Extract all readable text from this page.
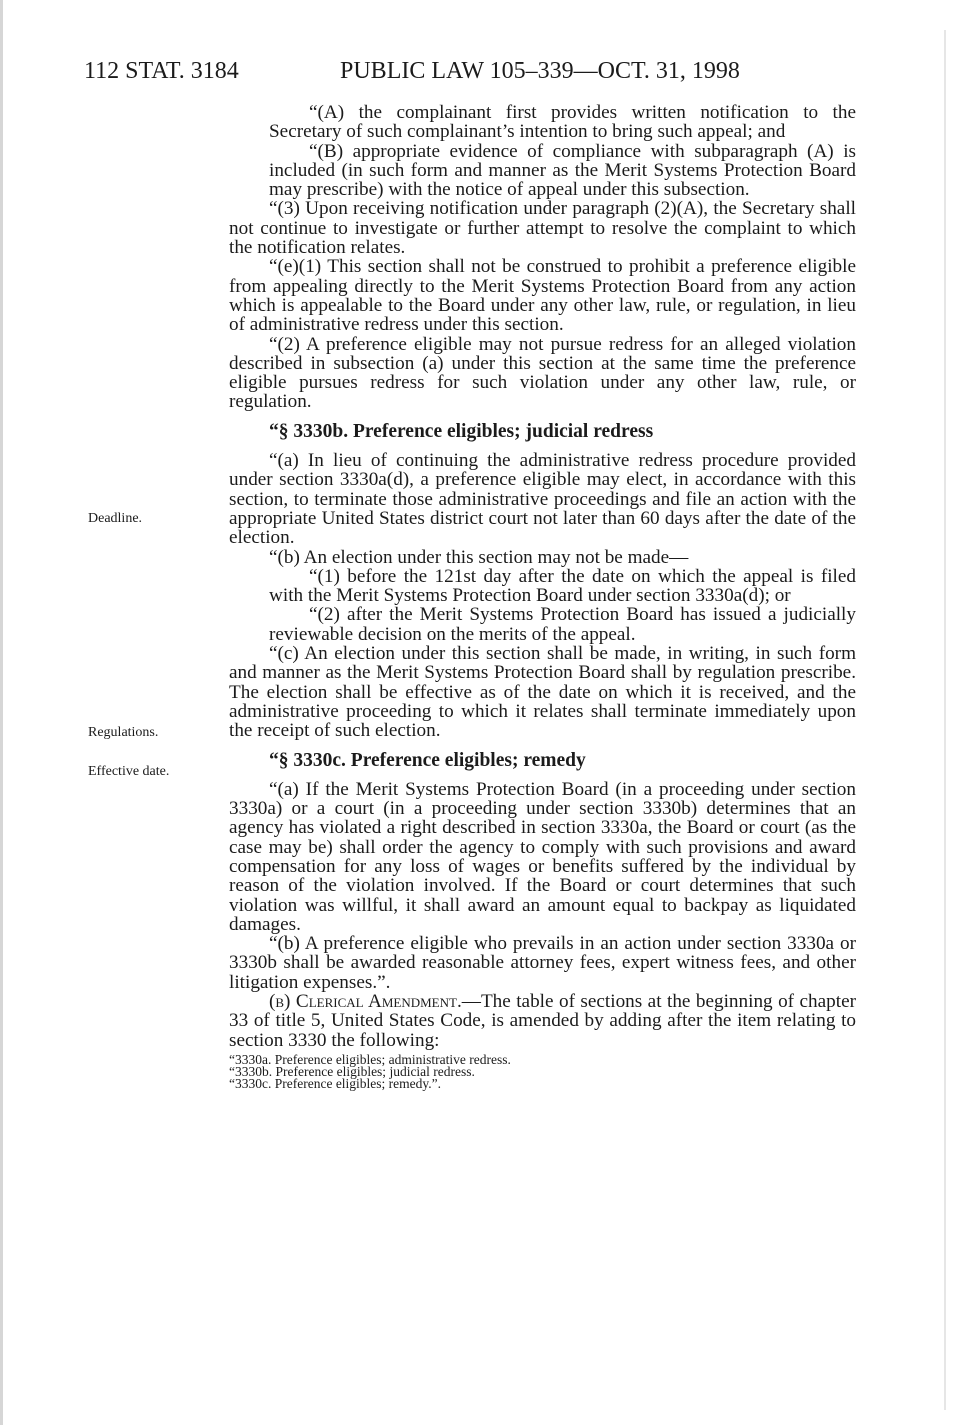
112 STAT. 3184	PUBLIC LAW 105–339—OCT. 31, 1998
Deadline.
Regulations.
Effective date.

“(A) the complainant first provides written notification to the Secretary of such complainant’s intention to bring such appeal; and

“(B) appropriate evidence of compliance with subparagraph (A) is included (in such form and manner as the Merit Systems Protection Board may prescribe) with the notice of appeal under this subsection.

“(3) Upon receiving notification under paragraph (2)(A), the Secretary shall not continue to investigate or further attempt to resolve the complaint to which the notification relates.

“(e)(1) This section shall not be construed to prohibit a preference eligible from appealing directly to the Merit Systems Protection Board from any action which is appealable to the Board under any other law, rule, or regulation, in lieu of administrative redress under this section.

“(2) A preference eligible may not pursue redress for an alleged violation described in subsection (a) under this section at the same time the preference eligible pursues redress for such violation under any other law, rule, or regulation.

“§ 3330b. Preference eligibles; judicial redress

“(a) In lieu of continuing the administrative redress procedure provided under section 3330a(d), a preference eligible may elect, in accordance with this section, to terminate those administrative proceedings and file an action with the appropriate United States district court not later than 60 days after the date of the election.

“(b) An election under this section may not be made—

“(1) before the 121st day after the date on which the appeal is filed with the Merit Systems Protection Board under section 3330a(d); or

“(2) after the Merit Systems Protection Board has issued a judicially reviewable decision on the merits of the appeal.

“(c) An election under this section shall be made, in writing, in such form and manner as the Merit Systems Protection Board shall by regulation prescribe. The election shall be effective as of the date on which it is received, and the administrative proceeding to which it relates shall terminate immediately upon the receipt of such election.

“§ 3330c. Preference eligibles; remedy

“(a) If the Merit Systems Protection Board (in a proceeding under section 3330a) or a court (in a proceeding under section 3330b) determines that an agency has violated a right described in section 3330a, the Board or court (as the case may be) shall order the agency to comply with such provisions and award compensation for any loss of wages or benefits suffered by the individual by reason of the violation involved. If the Board or court determines that such violation was willful, it shall award an amount equal to backpay as liquidated damages.

“(b) A preference eligible who prevails in an action under section 3330a or 3330b shall be awarded reasonable attorney fees, expert witness fees, and other litigation expenses.”.

(b) Clerical Amendment.—The table of sections at the beginning of chapter 33 of title 5, United States Code, is amended by adding after the item relating to section 3330 the following:

“3330a. Preference eligibles; administrative redress.

“3330b. Preference eligibles; judicial redress.

“3330c. Preference eligibles; remedy.”.
